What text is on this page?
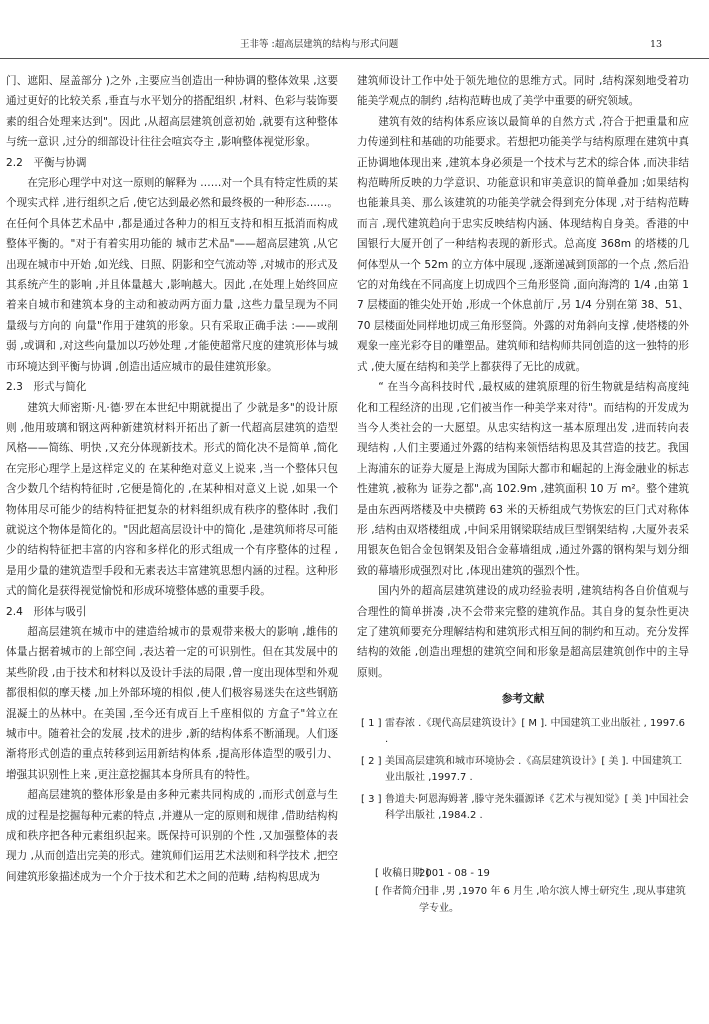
王非等 :超高层建筑的结构与形式问题	13

门、遮阳、屋盖部分 )之外 ,主要应当创造出一种协调的整体效果 ,这要通过更好的比较关系 ,垂直与水平划分的搭配组织 ,材料、色彩与装饰要素的组合处理来达到"。因此 ,从超高层建筑创意初始 ,就要有这种整体与统一意识 ,过分的细部设计往往会喧宾夺主 ,影响整体视觉形象。

2.2　平衡与协调

在完形心理学中对这一原则的解释为 ……对一个具有特定性质的某个现实式样 ,进行组织之后 ,使它达到最必然和最终极的一种形态……。在任何个具体艺术品中 ,都是通过各种力的相互支持和相互抵消而构成整体平衡的。"对于有着实用功能的 城市艺术品"——超高层建筑 ,从它出现在城市中开始 ,如光线、日照、阴影和空气流动等 ,对城市的形式及其系统产生的影响 ,并且体量越大 ,影响越大。因此 ,在处理上始终回应着来自城市和建筑本身的主动和被动两方面力量 ,这些力量呈现为不同量级与方向的 向量"作用于建筑的形象。只有采取正确手法 :——或削弱 ,或调和 ,对这些向量加以巧妙处理 ,才能使超常尺度的建筑形体与城市环境达到平衡与协调 ,创造出适应城市的最佳建筑形象。

2.3　形式与简化

建筑大师密斯·凡·德·罗在本世纪中期就提出了 少就是多"的设计原则 ,他用玻璃和钢这两种新建筑材料开拓出了新一代超高层建筑的造型风格——简练、明快 ,又充分体现新技术。形式的简化决不是简单 ,简化在完形心理学上是这样定义的 在某种绝对意义上说来 ,当一个整体只包含少数几个结构特征时 ,它便是简化的 ,在某种相对意义上说 ,如果一个物体用尽可能少的结构特征把复杂的材料组织成有秩序的整体时 ,我们就说这个物体是简化的。"因此超高层设计中的简化 ,是建筑师将尽可能少的结构特征把丰富的内容和多样化的形式组成一个有序整体的过程 ,是用少量的建筑造型手段和无素表达丰富建筑思想内涵的过程。这种形式的简化是获得视觉愉悦和形成环境整体感的重要手段。

2.4　形体与吸引

超高层建筑在城市中的建造给城市的景观带来极大的影响 ,雄伟的体量占据着城市的上部空间 ,表达着一定的可识别性。但在其发展中的某些阶段 ,由于技术和材料以及设计手法的局限 ,曾一度出现体型和外观都很相似的摩天楼 ,加上外部环境的相似 ,使人们极容易迷失在这些钢筋混凝土的丛林中。在美国 ,至今还有成百上千座相似的 方盒子"耸立在城市中。随着社会的发展 ,技术的进步 ,新的结构体系不断涌现。人们逐渐将形式创造的重点转移到运用新结构体系 ,提高形体造型的吸引力、增强其识别性上来 ,更注意挖掘其本身所具有的特性。

超高层建筑的整体形象是由多种元素共同构成的 ,而形式创意与生成的过程是挖掘每种元素的特点 ,并遵从一定的原则和规律 ,借助结构构成和秩序把各种元素组织起来。既保持可识别的个性 ,又加强整体的表现力 ,从而创造出完美的形式。建筑师们运用艺术法则和科学技术 ,把空间建筑形象描述成为一个介于技术和艺术之间的范畴 ,结构构思成为

建筑师设计工作中处于领先地位的思维方式。同时 ,结构深刻地受着功能美学观点的制约 ,结构范畴也成了美学中重要的研究领域。

建筑有效的结构体系应该以最简单的自然方式 ,符合于把重量和应力传递到柱和基础的功能要求。若想把功能美学与结构原理在建筑中真正协调地体现出来 ,建筑本身必须是一个技术与艺术的综合体 ,而决非结构范畴所反映的力学意识、功能意识和审美意识的简单叠加 ;如果结构也能兼具美、那么该建筑的功能美学就会得到充分体现 ,对于结构范畴而言 ,现代建筑趋向于忠实反映结构内涵、体现结构自身美。香港的中国银行大厦开创了一种结构表现的新形式。总高度 368m 的塔楼的几何体型从一个 52m 的立方体中展现 ,逐渐递减到顶部的一个点 ,然后沿它的对角线在不同高度上切成四个三角形竖筒 ,面向海湾的 1/4 ,由第 17 层楼面的锥尖处开始 ,形成一个休息前厅 ,另 1/4 分别在第 38、51、70 层楼面处同样地切成三角形竖筒。外露的对角斜向支撑 ,使塔楼的外观象一座光彩夺目的雕塑品。建筑师和结构师共同创造的这一独特的形式 ,使大厦在结构和美学上都获得了无比的成就。

“ 在当今高科技时代 ,最权威的建筑原理的衍生物就是结构高度纯化和工程经济的出现 ,它们被当作一种美学来对待"。而结构的开发成为当今人类社会的一大愿望。从忠实结构这一基本原理出发 ,进而转向表现结构 ,人们主要通过外露的结构来领悟结构思及其营造的技艺。我国上海浦东的证券大厦是上海成为国际大都市和崛起的上海金融业的标志性建筑 ,被称为 证券之都",高 102.9m ,建筑面积 10 万 m²。整个建筑是由东西两塔楼及中央横跨 63 米的天桥组成气势恢宏的巨门式对称体形 ,结构由双塔楼组成 ,中间采用钢梁联结成巨型钢架结构 ,大厦外表采用银灰色铝合金包钢架及铝合金幕墙组成 ,通过外露的钢构架与划分细致的幕墙形成强烈对比 ,体现出建筑的强烈个性。

国内外的超高层建筑建设的成功经验表明 ,建筑结构各自价值观与合理性的简单拼凑 ,决不会带来完整的建筑作品。其自身的复杂性更决定了建筑师要充分理解结构和建筑形式相互间的制约和互动。充分发挥结构的效能 ,创造出理想的建筑空间和形象是超高层建筑创作中的主导原则。

参考文献

[ 1 ] 雷春浓 .《现代高层建筑设计》[ M ]. 中国建筑工业出版社 , 1997.6 .
[ 2 ] 美国高层建筑和城市环境协会 .《高层建筑设计》[ 美 ]. 中国建筑工业出版社 ,1997.7 .
[ 3 ] 鲁道夫·阿恩海姆著 ,滕守尧朱疆源译《艺术与视知觉》[ 美 ]中国社会科学出版社 ,1984.2 .
[ 收稿日期 ]
2001 - 08 - 19
[ 作者简介 ]
王非 ,男 ,1970 年 6 月生 ,哈尔滨人博士研究生 ,现从事建筑学专业。
